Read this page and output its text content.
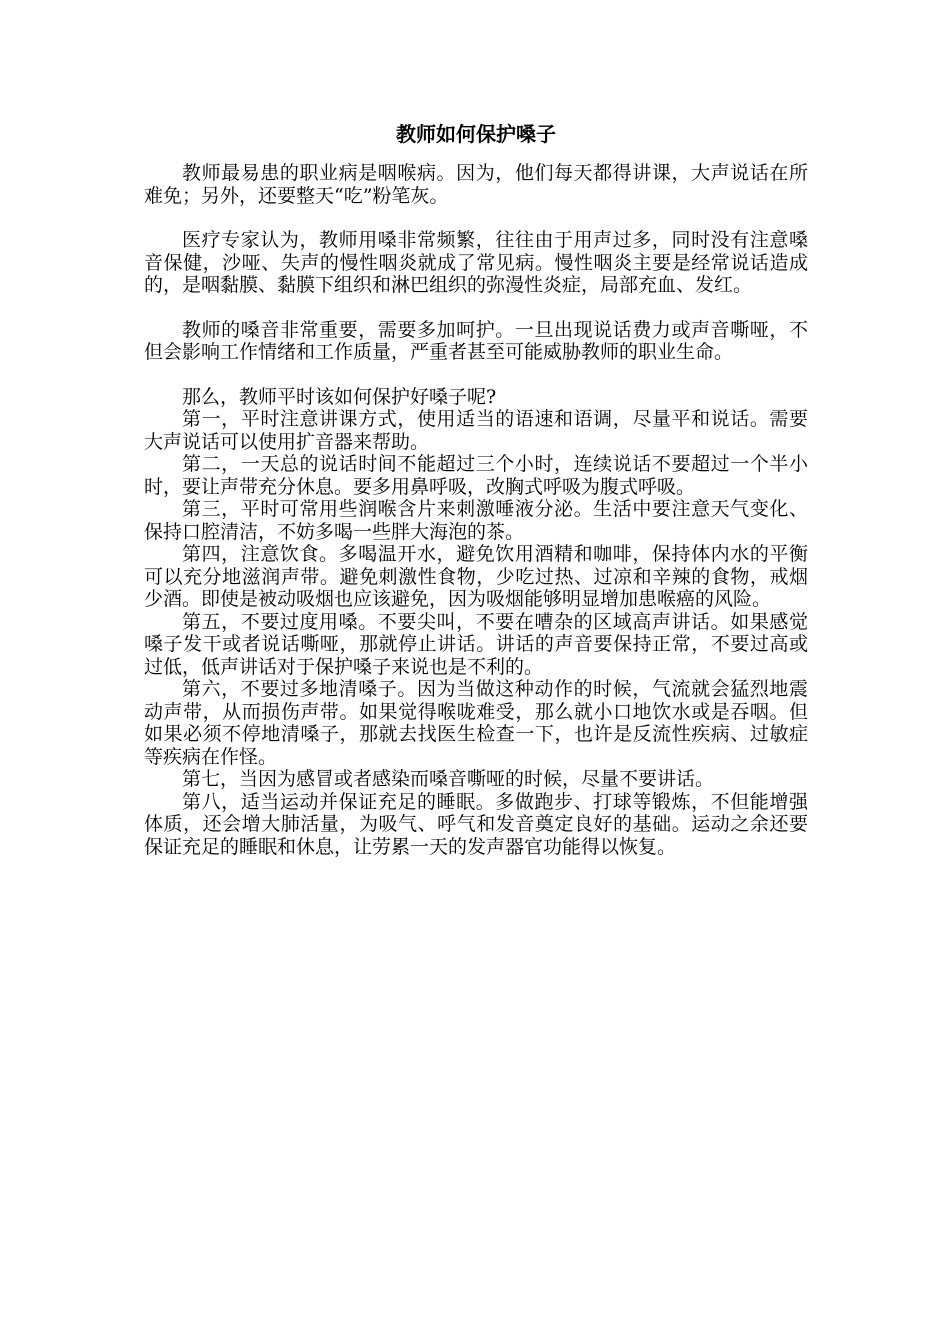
教师如何保护嗓子

教师最易患的职业病是咽喉病。因为，他们每天都得讲课，大声说话在所难免；另外，还要整天“吃”粉笔灰。

医疗专家认为，教师用嗓非常频繁，往往由于用声过多，同时没有注意嗓音保健，沙哑、失声的慢性咽炎就成了常见病。慢性咽炎主要是经常说话造成的，是咽黏膜、黏膜下组织和淋巴组织的弥漫性炎症，局部充血、发红。

教师的嗓音非常重要，需要多加呵护。一旦出现说话费力或声音嘶哑，不但会影响工作情绪和工作质量，严重者甚至可能威胁教师的职业生命。

那么，教师平时该如何保护好嗓子呢?

第一，平时注意讲课方式，使用适当的语速和语调，尽量平和说话。需要大声说话可以使用扩音器来帮助。

第二，一天总的说话时间不能超过三个小时，连续说话不要超过一个半小时，要让声带充分休息。要多用鼻呼吸，改胸式呼吸为腹式呼吸。

第三，平时可常用些润喉含片来刺激唾液分泌。生活中要注意天气变化、保持口腔清洁，不妨多喝一些胖大海泡的茶。

第四，注意饮食。多喝温开水，避免饮用酒精和咖啡，保持体内水的平衡可以充分地滋润声带。避免刺激性食物，少吃过热、过凉和辛辣的食物，戒烟少酒。即使是被动吸烟也应该避免，因为吸烟能够明显增加患喉癌的风险。

第五，不要过度用嗓。不要尖叫，不要在嘈杂的区域高声讲话。如果感觉嗓子发干或者说话嘶哑，那就停止讲话。讲话的声音要保持正常，不要过高或过低，低声讲话对于保护嗓子来说也是不利的。

第六，不要过多地清嗓子。因为当做这种动作的时候，气流就会猛烈地震动声带，从而损伤声带。如果觉得喉咙难受，那么就小口地饮水或是吞咽。但如果必须不停地清嗓子，那就去找医生检查一下，也许是反流性疾病、过敏症等疾病在作怪。

第七，当因为感冒或者感染而嗓音嘶哑的时候，尽量不要讲话。

第八，适当运动并保证充足的睡眠。多做跑步、打球等锻炼，不但能增强体质，还会增大肺活量，为吸气、呼气和发音奠定良好的基础。运动之余还要保证充足的睡眠和休息，让劳累一天的发声器官功能得以恢复。
